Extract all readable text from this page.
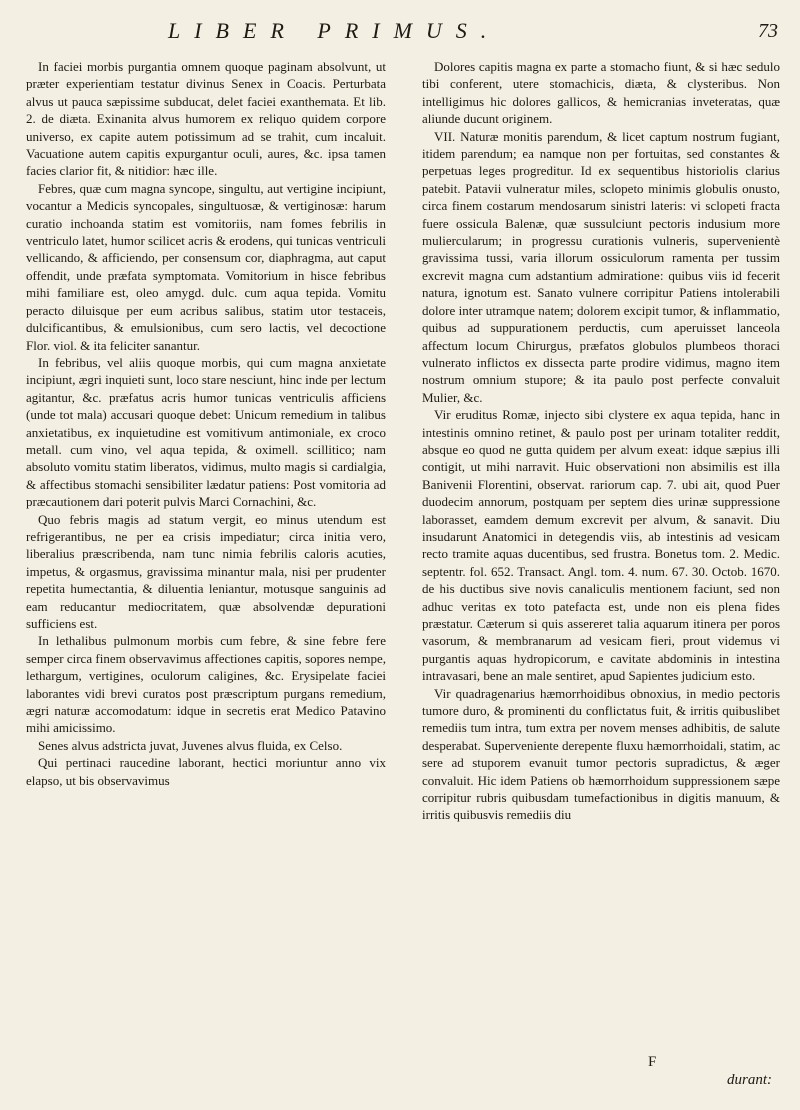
LIBER PRIMUS.	73

In faciei morbis purgantia omnem quoque paginam absolvunt, ut præter experientiam testatur divinus Senex in Coacis. Perturbata alvus ut pauca sæpissime subducat, delet faciei exanthemata. Et lib. 2. de diæta. Exinanita alvus humorem ex reliquo quidem corpore universo, ex capite autem potissimum ad se trahit, cum incaluit. Vacuatione autem capitis expurgantur oculi, aures, &c. ipsa tamen facies clarior fit, & nitidior: hæc ille.

Febres, quæ cum magna syncope, singultu, aut vertigine incipiunt, vocantur a Medicis syncopales, singultuosæ, & vertiginosæ: harum curatio inchoanda statim est vomitoriis, nam fomes febrilis in ventriculo latet, humor scilicet acris & erodens, qui tunicas ventriculi vellicando, & afficiendo, per consensum cor, diaphragma, aut caput offendit, unde præfata symptomata. Vomitorium in hisce febribus mihi familiare est, oleo amygd. dulc. cum aqua tepida. Vomitu peracto diluisque per eum acribus salibus, statim utor testaceis, dulcificantibus, & emulsionibus, cum sero lactis, vel decoctione Flor. viol. & ita feliciter sanantur.

In febribus, vel aliis quoque morbis, qui cum magna anxietate incipiunt, ægri inquieti sunt, loco stare nesciunt, hinc inde per lectum agitantur, &c. præfatus acris humor tunicas ventriculis afficiens (unde tot mala) accusari quoque debet: Unicum remedium in talibus anxietatibus, ex inquietudine est vomitivum antimoniale, ex croco metall. cum vino, vel aqua tepida, & oximell. scillitico; nam absoluto vomitu statim liberatos, vidimus, multo magis si cardialgia, & affectibus stomachi sensibiliter lædatur patiens: Post vomitoria ad præcautionem dari poterit pulvis Marci Cornachini, &c.

Quo febris magis ad statum vergit, eo minus utendum est refrigerantibus, ne per ea crisis impediatur; circa initia vero, liberalius præscribenda, nam tunc nimia febrilis caloris acuties, impetus, & orgasmus, gravissima minantur mala, nisi per prudenter repetita humectantia, & diluentia leniantur, motusque sanguinis ad eam reducantur mediocritatem, quæ absolvendæ depurationi sufficiens est.

In lethalibus pulmonum morbis cum febre, & sine febre fere semper circa finem observavimus affectiones capitis, sopores nempe, lethargum, vertigines, oculorum caligines, &c. Erysipelate faciei laborantes vidi brevi curatos post præscriptum purgans remedium, ægri naturæ accomodatum: idque in secretis erat Medico Patavino mihi amicissimo.

Senes alvus adstricta juvat, Juvenes alvus fluida, ex Celso.

Qui pertinaci raucedine laborant, hectici moriuntur anno vix elapso, ut bis observavimus

Dolores capitis magna ex parte a stomacho fiunt, & si hæc sedulo tibi conferent, utere stomachicis, diæta, & clysteribus. Non intelligimus hic dolores gallicos, & hemicranias inveteratas, quæ aliunde ducunt originem.

VII. Naturæ monitis parendum, & licet captum nostrum fugiant, itidem parendum; ea namque non per fortuitas, sed constantes & perpetuas leges progreditur. Id ex sequentibus historiolis clarius patebit. Patavii vulneratur miles, sclopeto minimis globulis onusto, circa finem costarum mendosarum sinistri lateris: vi sclopeti fracta fuere ossicula Balenæ, quæ sussulciunt pectoris indusium more muliercularum; in progressu curationis vulneris, supervenientè gravissima tussi, varia illorum ossiculorum ramenta per tussim excrevit magna cum adstantium admiratione: quibus viis id fecerit natura, ignotum est. Sanato vulnere corripitur Patiens intolerabili dolore inter utramque natem; dolorem excipit tumor, & inflammatio, quibus ad suppurationem perductis, cum aperuisset lanceola affectum locum Chirurgus, præfatos globulos plumbeos thoraci vulnerato inflictos ex dissecta parte prodire vidimus, magno item nostrum omnium stupore; & ita paulo post perfecte convaluit Mulier, &c.

Vir eruditus Romæ, injecto sibi clystere ex aqua tepida, hanc in intestinis omnino retinet, & paulo post per urinam totaliter reddit, absque eo quod ne gutta quidem per alvum exeat: idque sæpius illi contigit, ut mihi narravit. Huic observationi non absimilis est illa Banivenii Florentini, observat. rariorum cap. 7. ubi ait, quod Puer duodecim annorum, postquam per septem dies urinæ suppressione laborasset, eamdem demum excrevit per alvum, & sanavit. Diu insudarunt Anatomici in detegendis viis, ab intestinis ad vesicam recto tramite aquas ducentibus, sed frustra. Bonetus tom. 2. Medic. septentr. fol. 652. Transact. Angl. tom. 4. num. 67. 30. Octob. 1670. de his ductibus sive novis canaliculis mentionem faciunt, sed non adhuc veritas ex toto patefacta est, unde non eis plena fides præstatur. Cæterum si quis assereret talia aquarum itinera per poros vasorum, & membranarum ad vesicam fieri, prout videmus vi purgantis aquas hydropicorum, e cavitate abdominis in intestina intravasari, bene an male sentiret, apud Sapientes judicium esto.

Vir quadragenarius hæmorrhoidibus obnoxius, in medio pectoris tumore duro, & prominenti du conflictatus fuit, & irritis quibuslibet remediis tum intra, tum extra per novem menses adhibitis, de salute desperabat. Superveniente derepente fluxu hæmorrhoidali, statim, ac sere ad stuporem evanuit tumor pectoris supradictus, & æger convaluit. Hic idem Patiens ob hæmorrhoidum suppressionem sæpe corripitur rubris quibusdam tumefactionibus in digitis manuum, & irritis quibusvis remediis diu

F
durant:
